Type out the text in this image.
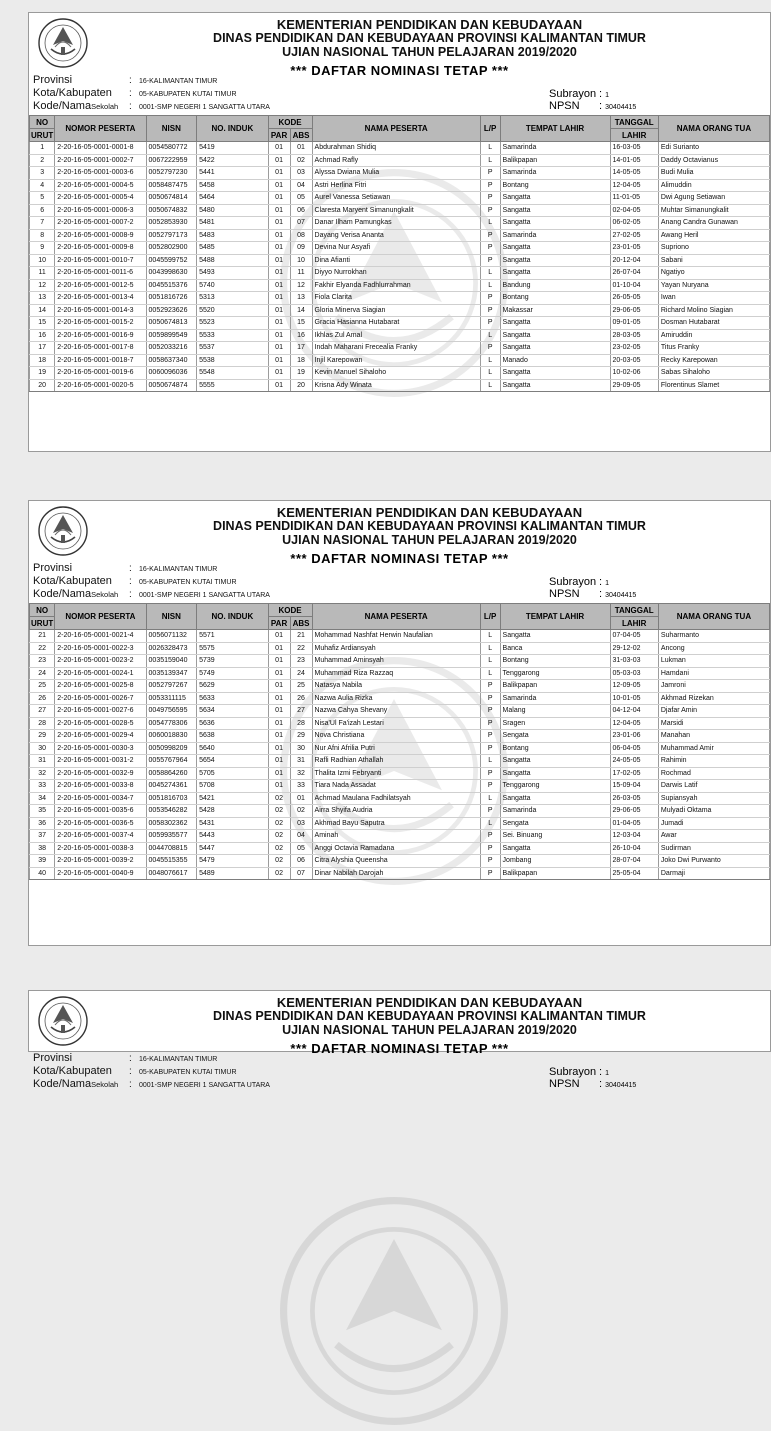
KEMENTERIAN PENDIDIKAN DAN KEBUDAYAAN
DINAS PENDIDIKAN DAN KEBUDAYAAN PROVINSI KALIMANTAN TIMUR
UJIAN NASIONAL TAHUN PELAJARAN 2019/2020
*** DAFTAR NOMINASI TETAP ***
Provinsi	: 16-KALIMANTAN TIMUR
Kota/Kabupaten : 05-KABUPATEN KUTAI TIMUR
Kode/NamaSekolah : 0001-SMP NEGERI 1 SANGATTA UTARA
Subrayon : 1
NPSN : 30404415
NO	NOMOR PESERTA	NISN	NO. INDUK	KODE		NAMA PESERTA	L/P	TEMPAT LAHIR	TANGGAL	NAMA ORANG TUA
URUT				PAR	ABS				LAHIR	
1	2-20-16-05-0001-0001-8	0054580772	5419	01	01	Abdurahman Shidiq	L	Samarinda	16-03-05	Edi Surianto
2	2-20-16-05-0001-0002-7	0067222959	5422	01	02	Achmad Rafly	L	Balikpapan	14-01-05	Daddy Octavianus
3	2-20-16-05-0001-0003-6	0052797230	5441	01	03	Alyssa Dwiana Mulia	P	Samarinda	14-05-05	Budi Mulia
4	2-20-16-05-0001-0004-5	0058487475	5458	01	04	Astri Herlina Fitri	P	Bontang	12-04-05	Alimuddin
5	2-20-16-05-0001-0005-4	0050674814	5464	01	05	Aurel Vanessa Setiawan	P	Sangatta	11-01-05	Dwi Agung Setiawan
6	2-20-16-05-0001-0006-3	0050674832	5480	01	06	Claresta Maryent Simanungkalit	P	Sangatta	02-04-05	Muhtar Simanungkalit
7	2-20-16-05-0001-0007-2	0052853930	5481	01	07	Danar Ilham Pamungkas	L	Sangatta	06-02-05	Anang Candra Gunawan
8	2-20-16-05-0001-0008-9	0052797173	5483	01	08	Dayang Verisa Ananta	P	Samarinda	27-02-05	Awang Heril
9	2-20-16-05-0001-0009-8	0052802900	5485	01	09	Devina Nur Asyafi	P	Sangatta	23-01-05	Supriono
10	2-20-16-05-0001-0010-7	0045599752	5488	01	10	Dina Afianti	P	Sangatta	20-12-04	Sabani
11	2-20-16-05-0001-0011-6	0043998630	5493	01	11	Diyyo Nurrokhan	L	Sangatta	26-07-04	Ngatiyo
12	2-20-16-05-0001-0012-5	0045515376	5740	01	12	Fakhir Elyanda Fadhlurrahman	L	Bandung	01-10-04	Yayan Nuryana
13	2-20-16-05-0001-0013-4	0051816726	5313	01	13	Fiola Clarita	P	Bontang	26-05-05	Iwan
14	2-20-16-05-0001-0014-3	0052923626	5520	01	14	Gloria Minerva Siagian	P	Makassar	29-06-05	Richard Molino Siagian
15	2-20-16-05-0001-0015-2	0050674813	5523	01	15	Gracia Hasianna Hutabarat	P	Sangatta	09-01-05	Dosman Hutabarat
16	2-20-16-05-0001-0016-9	0059899549	5533	01	16	Ikhlas Zul Amal	L	Sangatta	28-03-05	Amiruddin
17	2-20-16-05-0001-0017-8	0052033216	5537	01	17	Indah Maharani Frecealia Franky	P	Sangatta	23-02-05	Titus Franky
18	2-20-16-05-0001-0018-7	0058637340	5538	01	18	Injil Karepowan	L	Manado	20-03-05	Recky Karepowan
19	2-20-16-05-0001-0019-6	0060096036	5548	01	19	Kevin Manuel Sihaloho	L	Sangatta	10-02-06	Sabas Sihaloho
20	2-20-16-05-0001-0020-5	0050674874	5555	01	20	Krisna Ady Winata	L	Sangatta	29-09-05	Florentinus Slamet
KEMENTERIAN PENDIDIKAN DAN KEBUDAYAAN
DINAS PENDIDIKAN DAN KEBUDAYAAN PROVINSI KALIMANTAN TIMUR
UJIAN NASIONAL TAHUN PELAJARAN 2019/2020
*** DAFTAR NOMINASI TETAP ***
Provinsi	: 16-KALIMANTAN TIMUR
Kota/Kabupaten : 05-KABUPATEN KUTAI TIMUR
Kode/NamaSekolah : 0001-SMP NEGERI 1 SANGATTA UTARA
Subrayon : 1
NPSN : 30404415
NO	NOMOR PESERTA	NISN	NO. INDUK	KODE		NAMA PESERTA	L/P	TEMPAT LAHIR	TANGGAL	NAMA ORANG TUA
URUT				PAR	ABS				LAHIR	
21	2-20-16-05-0001-0021-4	0056071132	5571	01	21	Mohammad Nashfat Herwin Naufalian	L	Sangatta	07-04-05	Suharmanto
22	2-20-16-05-0001-0022-3	0026328473	5575	01	22	Muhafiz Ardiansyah	L	Banca	29-12-02	Ancong
23	2-20-16-05-0001-0023-2	0035159040	5739	01	23	Muhammad Aminsyah	L	Bontang	31-03-03	Lukman
24	2-20-16-05-0001-0024-1	0035139347	5749	01	24	Muhammad Riza Razzaq	L	Tenggarong	05-03-03	Hamdani
25	2-20-16-05-0001-0025-8	0052797267	5629	01	25	Natasya Nabila	P	Balikpapan	12-09-05	Jamroni
26	2-20-16-05-0001-0026-7	0053311115	5633	01	26	Nazwa Aulia Rizka	P	Samarinda	10-01-05	Akhmad Rizekan
27	2-20-16-05-0001-0027-6	0049756595	5634	01	27	Nazwa Cahya Shevany	P	Malang	04-12-04	Djafar Amin
28	2-20-16-05-0001-0028-5	0054778306	5636	01	28	Nisa'Ul Fa'izah Lestari	P	Sragen	12-04-05	Marsidi
29	2-20-16-05-0001-0029-4	0060018830	5638	01	29	Nova Christiana	P	Sengata	23-01-06	Manahan
30	2-20-16-05-0001-0030-3	0050998209	5640	01	30	Nur Afni Afrilia Putri	P	Bontang	06-04-05	Muhammad Amir
31	2-20-16-05-0001-0031-2	0055767964	5654	01	31	Rafli Radhian Athallah	L	Sangatta	24-05-05	Rahimin
32	2-20-16-05-0001-0032-9	0058864260	5705	01	32	Thalita Izmi Febryanti	P	Sangatta	17-02-05	Rochmad
33	2-20-16-05-0001-0033-8	0045274361	5708	01	33	Tiara Nada Assadat	P	Tenggarong	15-09-04	Darwis Latif
34	2-20-16-05-0001-0034-7	0051816703	5421	02	01	Achmad Maulana Fadhilatsyah	L	Sangatta	26-03-05	Supiansyah
35	2-20-16-05-0001-0035-6	0053546282	5428	02	02	Airra Shyifa Audria	P	Samarinda	29-06-05	Mulyadi Oktama
36	2-20-16-05-0001-0036-5	0058302362	5431	02	03	Akhmad Bayu Saputra	L	Sengata	01-04-05	Jumadi
37	2-20-16-05-0001-0037-4	0059935577	5443	02	04	Aminah	P	Sei. Binuang	12-03-04	Awar
38	2-20-16-05-0001-0038-3	0044708815	5447	02	05	Anggi Octavia Ramadana	P	Sangatta	26-10-04	Sudirman
39	2-20-16-05-0001-0039-2	0045515355	5479	02	06	Citra Alyshia Queensha	P	Jombang	28-07-04	Joko Dwi Purwanto
40	2-20-16-05-0001-0040-9	0048076617	5489	02	07	Dinar Nabilah Darojah	P	Balikpapan	25-05-04	Darmaji
KEMENTERIAN PENDIDIKAN DAN KEBUDAYAAN
DINAS PENDIDIKAN DAN KEBUDAYAAN PROVINSI KALIMANTAN TIMUR
UJIAN NASIONAL TAHUN PELAJARAN 2019/2020
*** DAFTAR NOMINASI TETAP ***
Provinsi	: 16-KALIMANTAN TIMUR
Kota/Kabupaten : 05-KABUPATEN KUTAI TIMUR
Kode/NamaSekolah : 0001-SMP NEGERI 1 SANGATTA UTARA
Subrayon : 1
NPSN : 30404415
